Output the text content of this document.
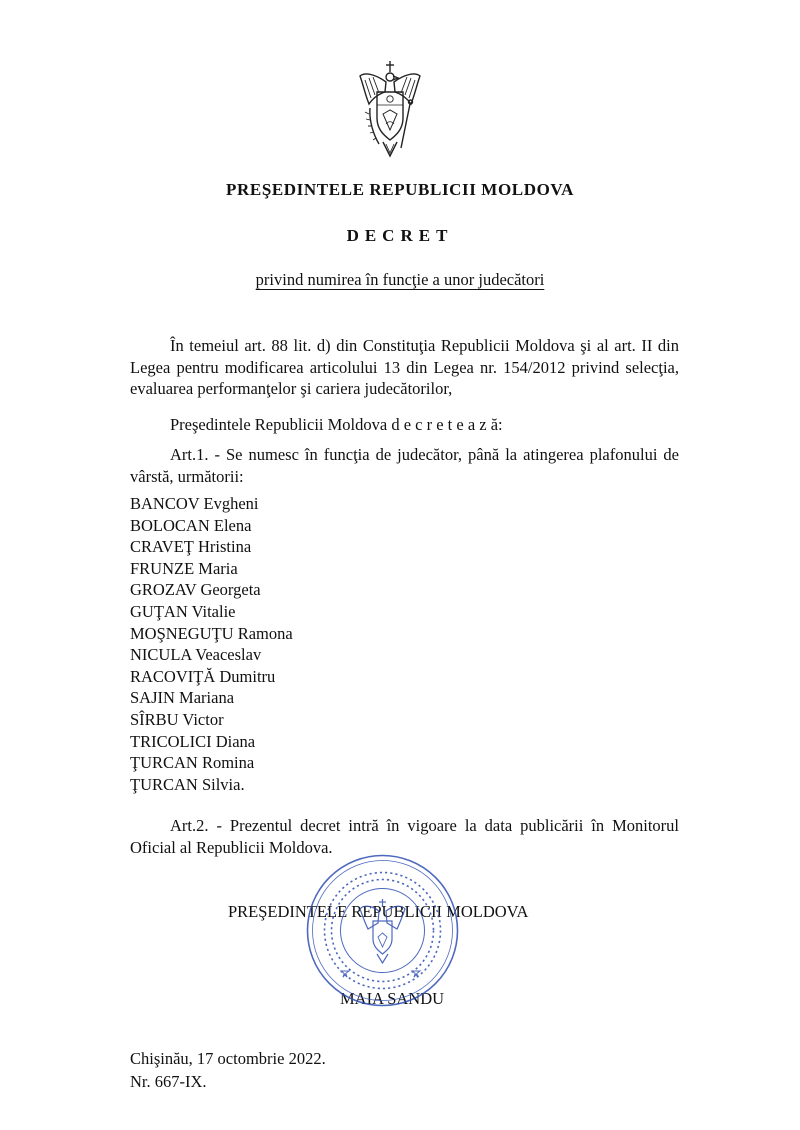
PREŞEDINTELE REPUBLICII MOLDOVA
DECRET
privind numirea în funcţie a unor judecători
În temeiul art. 88 lit. d) din Constituţia Republicii Moldova şi al art. II din Legea pentru modificarea articolului 13 din Legea nr. 154/2012 privind selecţia, evaluarea performanţelor şi cariera judecătorilor,
Preşedintele Republicii Moldova d e c r e t e a z ă:
Art.1. - Se numesc în funcţia de judecător, până la atingerea plafonului de vârstă, următorii:
BANCOV Evgheni
BOLOCAN Elena
CRAVEŢ Hristina
FRUNZE Maria
GROZAV Georgeta
GUŢAN Vitalie
MOŞNEGUŢU Ramona
NICULA Veaceslav
RACOVIŢĂ Dumitru
SAJIN Mariana
SÎRBU Victor
TRICOLICI Diana
ŢURCAN Romina
ŢURCAN Silvia.
Art.2. - Prezentul decret intră în vigoare la data publicării în Monitorul Oficial al Republicii Moldova.
PREŞEDINTELE REPUBLICII MOLDOVA
MAIA SANDU
Chişinău, 17 octombrie 2022.
Nr. 667-IX.
